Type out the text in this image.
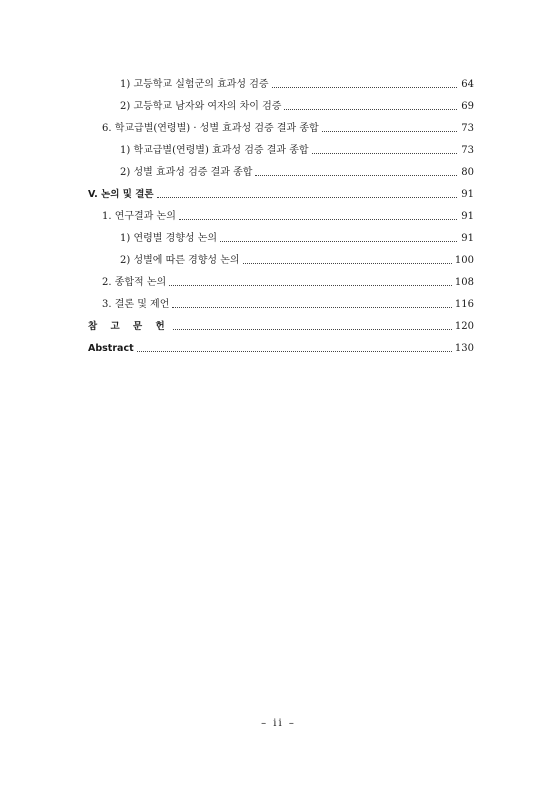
1) 고등학교 실험군의 효과성 검증	64
2) 고등학교 남자와 여자의 차이 검증	69
6. 학교급별(연령별) · 성별 효과성 검증 결과 종합	73
1) 학교급별(연령별) 효과성 검증 결과 종합	73
2) 성별 효과성 검증 결과 종합	80
V. 논의 및 결론	91
1. 연구결과 논의	91
1) 연령별 경향성 논의	91
2) 성별에 따른 경향성 논의	100
2. 종합적 논의	108
3. 결론 및 제언	116
참 고 문 헌	120
Abstract	130
– ii –
